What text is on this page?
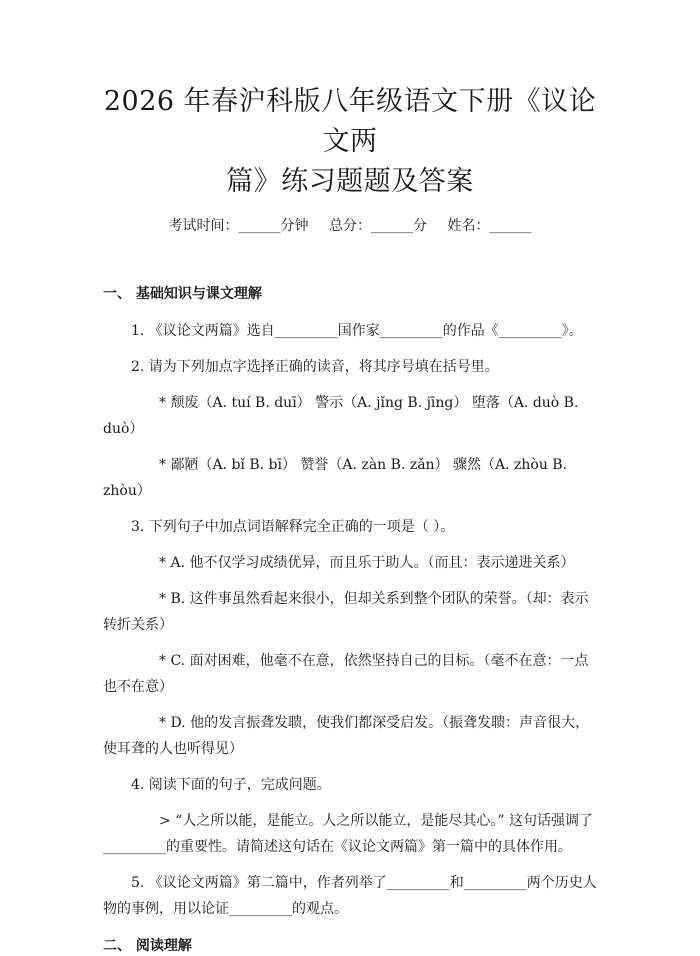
2026 年春沪科版八年级语文下册《议论文两
篇》练习题题及答案
考试时间：______分钟 总分：______分 姓名：______
一、 基础知识与课文理解

1. 《议论文两篇》选自_________国作家_________的作品《_________》。

2. 请为下列加点字选择正确的读音，将其序号填在括号里。

* 颓废（A. tuí B. duī） 警示（A. jǐng B. jīng） 堕落（A. duò B. duò）

* 鄙陋（A. bǐ B. bī） 赞誉（A. zàn B. zǎn） 骤然（A. zhòu B. zhòu）

3. 下列句子中加点词语解释完全正确的一项是（ ）。

* A. 他不仅学习成绩优异，而且乐于助人。（而且：表示递进关系）

* B. 这件事虽然看起来很小，但却关系到整个团队的荣誉。（却：表示转折关系）

* C. 面对困难，他毫不在意，依然坚持自己的目标。（毫不在意：一点也不在意）

* D. 他的发言振聋发聩，使我们都深受启发。（振聋发聩：声音很大，使耳聋的人也听得见）

4. 阅读下面的句子，完成问题。

> “人之所以能，是能立。人之所以能立，是能尽其心。” 这句话强调了_________的重要性。请简述这句话在《议论文两篇》第一篇中的具体作用。

5. 《议论文两篇》第二篇中，作者列举了_________和_________两个历史人物的事例，用以论证_________的观点。

二、 阅读理解
